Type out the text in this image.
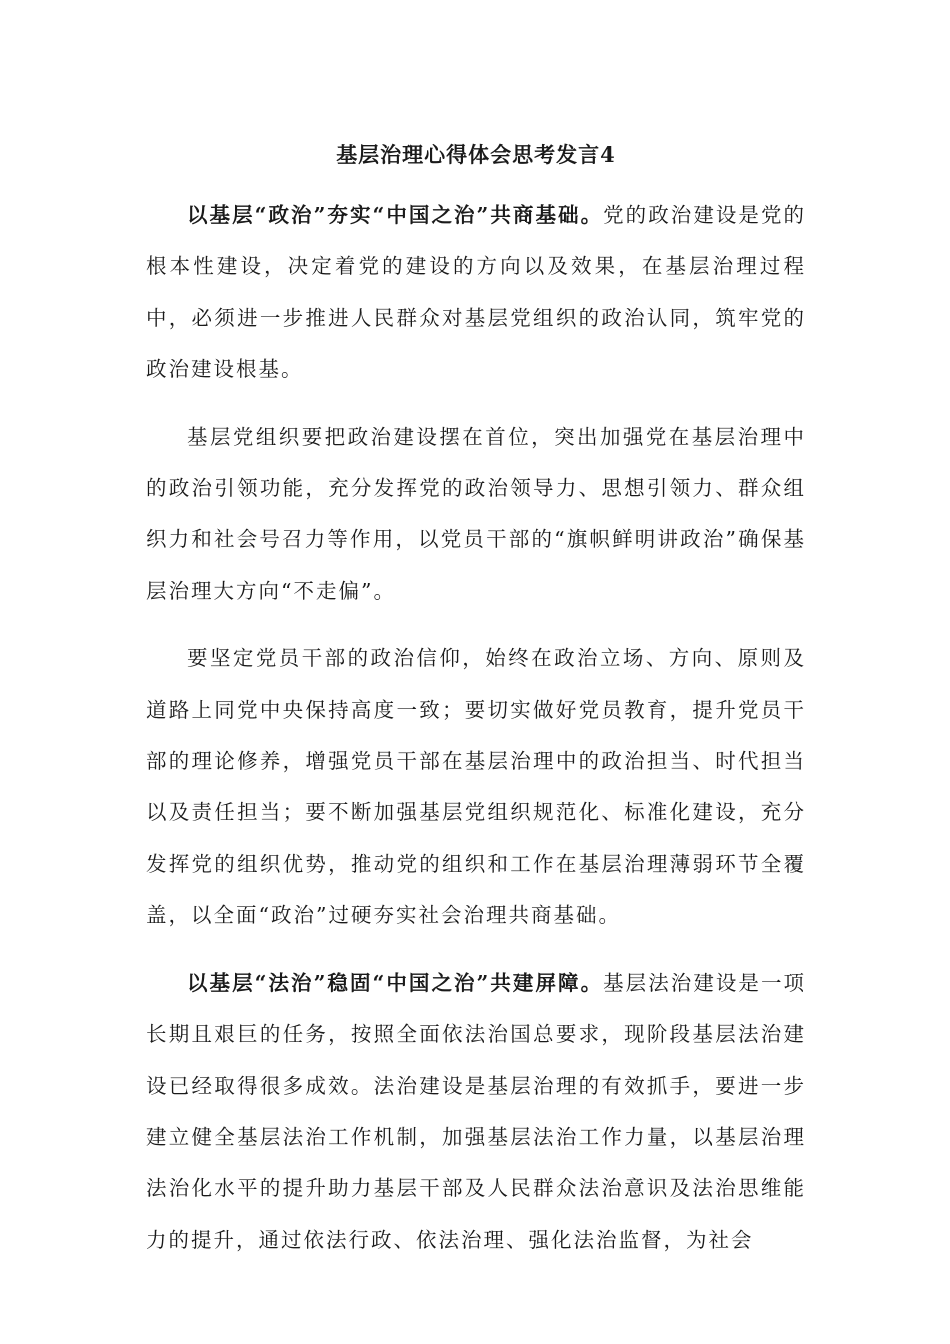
基层治理心得体会思考发言4

以基层“政治”夯实“中国之治”共商基础。党的政治建设是党的根本性建设，决定着党的建设的方向以及效果，在基层治理过程中，必须进一步推进人民群众对基层党组织的政治认同，筑牢党的政治建设根基。

基层党组织要把政治建设摆在首位，突出加强党在基层治理中的政治引领功能，充分发挥党的政治领导力、思想引领力、群众组织力和社会号召力等作用，以党员干部的“旗帜鲜明讲政治”确保基层治理大方向“不走偏”。

要坚定党员干部的政治信仰，始终在政治立场、方向、原则及道路上同党中央保持高度一致；要切实做好党员教育，提升党员干部的理论修养，增强党员干部在基层治理中的政治担当、时代担当以及责任担当；要不断加强基层党组织规范化、标准化建设，充分发挥党的组织优势，推动党的组织和工作在基层治理薄弱环节全覆盖，以全面“政治”过硬夯实社会治理共商基础。

以基层“法治”稳固“中国之治”共建屏障。基层法治建设是一项长期且艰巨的任务，按照全面依法治国总要求，现阶段基层法治建设已经取得很多成效。法治建设是基层治理的有效抓手，要进一步建立健全基层法治工作机制，加强基层法治工作力量，以基层治理法治化水平的提升助力基层干部及人民群众法治意识及法治思维能力的提升，通过依法行政、依法治理、强化法治监督，为社会
